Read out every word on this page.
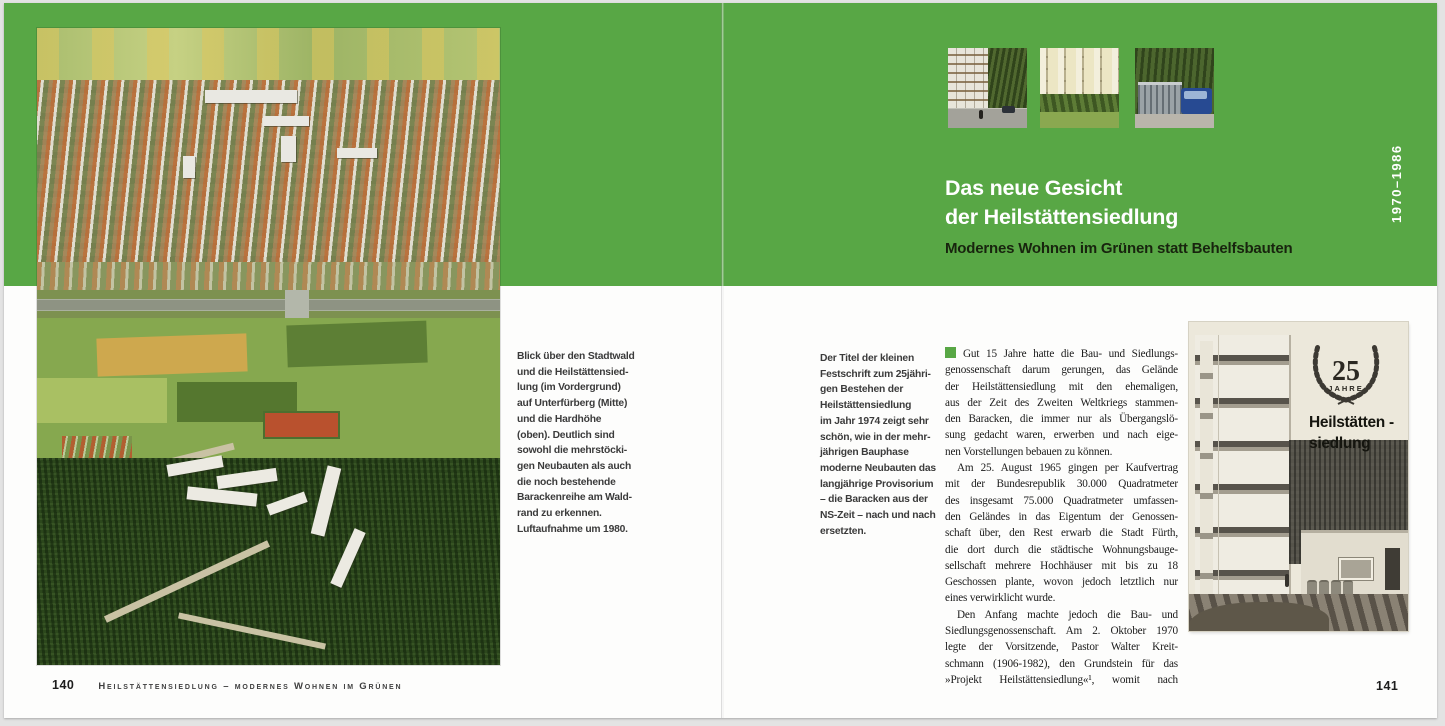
Blick über den Stadtwald
und die Heilstättensied-
lung (im Vordergrund)
auf Unterfürberg (Mitte)
und die Hardhöhe
(oben). Deutlich sind
sowohl die mehrstöcki-
gen Neubauten als auch
die noch bestehende
Barackenreihe am Wald-
rand zu erkennen.
Luftaufnahme um 1980.
140	Heilstättensiedlung – modernes Wohnen im Grünen
Das neue Gesicht
der Heilstättensiedlung
Modernes Wohnen im Grünen statt Behelfsbauten
1970–1986
Der Titel der kleinen
Festschrift zum 25jähri-
gen Bestehen der
Heilstättensiedlung
im Jahr 1974 zeigt sehr
schön, wie in der mehr-
jährigen Bauphase
moderne Neubauten das
langjährige Provisorium
– die Baracken aus der
NS-Zeit – nach und nach
ersetzten.
Gut 15 Jahre hatte die Bau- und Siedlungs-
genossenschaft darum gerungen, das Gelände
der Heilstättensiedlung mit den ehemaligen,
aus der Zeit des Zweiten Weltkriegs stammen-
den Baracken, die immer nur als Übergangslö-
sung gedacht waren, erwerben und nach eige-
nen Vorstellungen bebauen zu können.
Am 25. August 1965 gingen per Kaufvertrag
mit der Bundesrepublik 30.000 Quadratmeter
des insgesamt 75.000 Quadratmeter umfassen-
den Geländes in das Eigentum der Genossen-
schaft über, den Rest erwarb die Stadt Fürth,
die dort durch die städtische Wohnungsbauge-
sellschaft mehrere Hochhäuser mit bis zu 18
Geschossen plante, wovon jedoch letztlich nur
eines verwirklicht wurde.
Den Anfang machte jedoch die Bau- und
Siedlungsgenossenschaft. Am 2. Oktober 1970
legte der Vorsitzende, Pastor Walter Kreit-
schmann (1906-1982), den Grundstein für das
»Projekt Heilstättensiedlung«¹, womit nach
25
JAHRE
Heilstätten -
siedlung
141
